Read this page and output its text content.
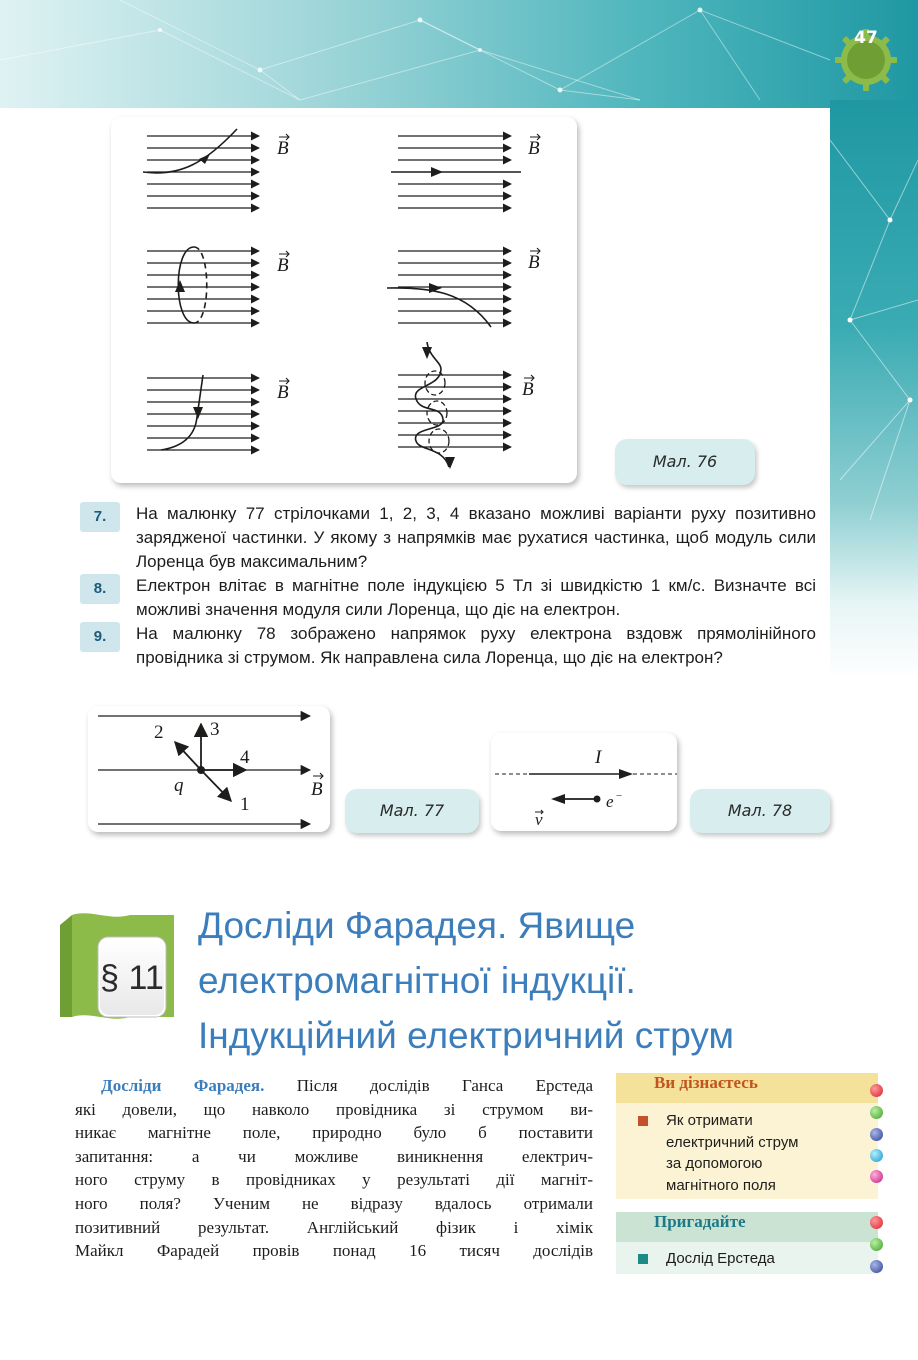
47
B	B
B	B
B	B
Мал. 76
7.	На малюнку 77 стрілочками 1, 2, 3, 4 вказано можливі варіанти руху позитивно зарядженої частинки. У якому з напрямків має рухатися частинка, щоб модуль сили Лоренца був максимальним?
8.	Електрон влітає в магнітне поле індукцією 5 Тл зі швидкістю 1 км/с. Визначте всі можливі значення модуля сили Лоренца, що діє на електрон.
9.	На малюнку 78 зображено напрямок руху електрона вздовж прямолінійного провідника зі струмом. Як направлена сила Лоренца, що діє на електрон?
2 3
4
1
q	B
Мал. 77
I
e −
v	Мал. 78
§ 11
Досліди Фарадея. Явище
електромагнітної індукції.
Індукційний електричний струм
Досліди Фарадея. Після дослідів Ганса Ерстеда
які довели, що навколо провідника зі струмом ви-
никає магнітне поле, природно було б поставити
запитання: а чи можливе виникнення електрич-
ного струму в провідниках у результаті дії магніт-
ного поля? Ученим не відразу вдалось отримали
позитивний результат. Англійський фізик і хімік
Майкл Фарадей провів понад 16 тисяч дослідів
Ви дізнаєтесь
Як отримати
електричний струм
за допомогою
магнітного поля
Пригадайте
Дослід Ерстеда
